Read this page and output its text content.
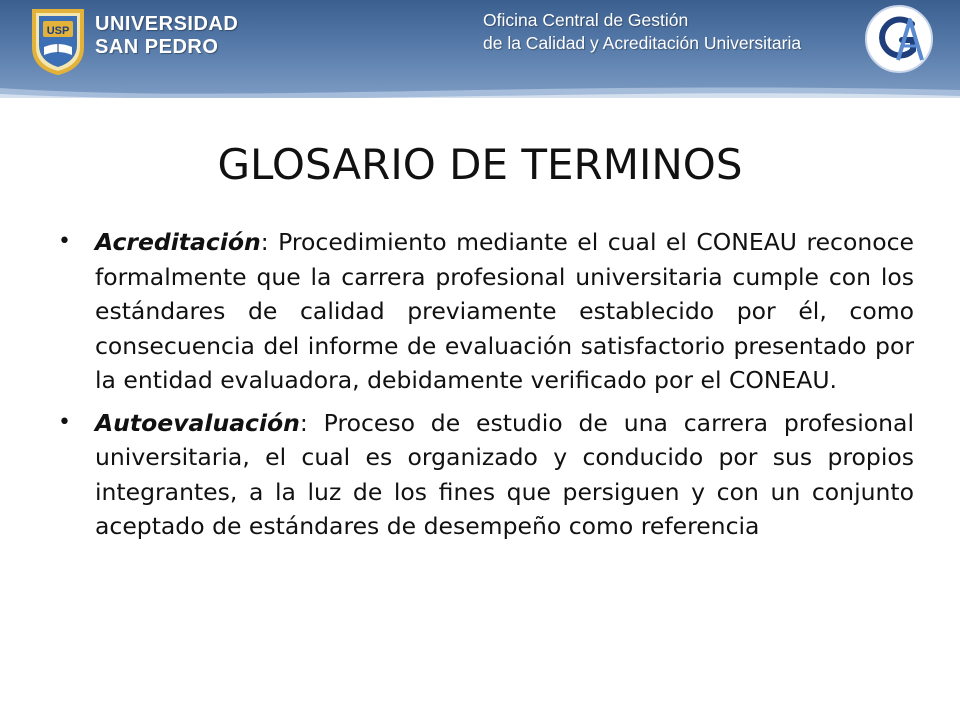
USP UNIVERSIDAD
SAN PEDRO
Oficina Central de Gestión
de la Calidad y Acreditación Universitaria
GLOSARIO DE TERMINOS
• Acreditación: Procedimiento mediante el cual el CONEAU reconoce formalmente que la carrera profesional universitaria cumple con los estándares de calidad previamente establecido por él, como consecuencia del informe de evaluación satisfactorio presentado por la entidad evaluadora, debidamente verificado por el CONEAU.
• Autoevaluación: Proceso de estudio de una carrera profesional universitaria, el cual es organizado y conducido por sus propios integrantes, a la luz de los fines que persiguen y con un conjunto aceptado de estándares de desempeño como referencia
